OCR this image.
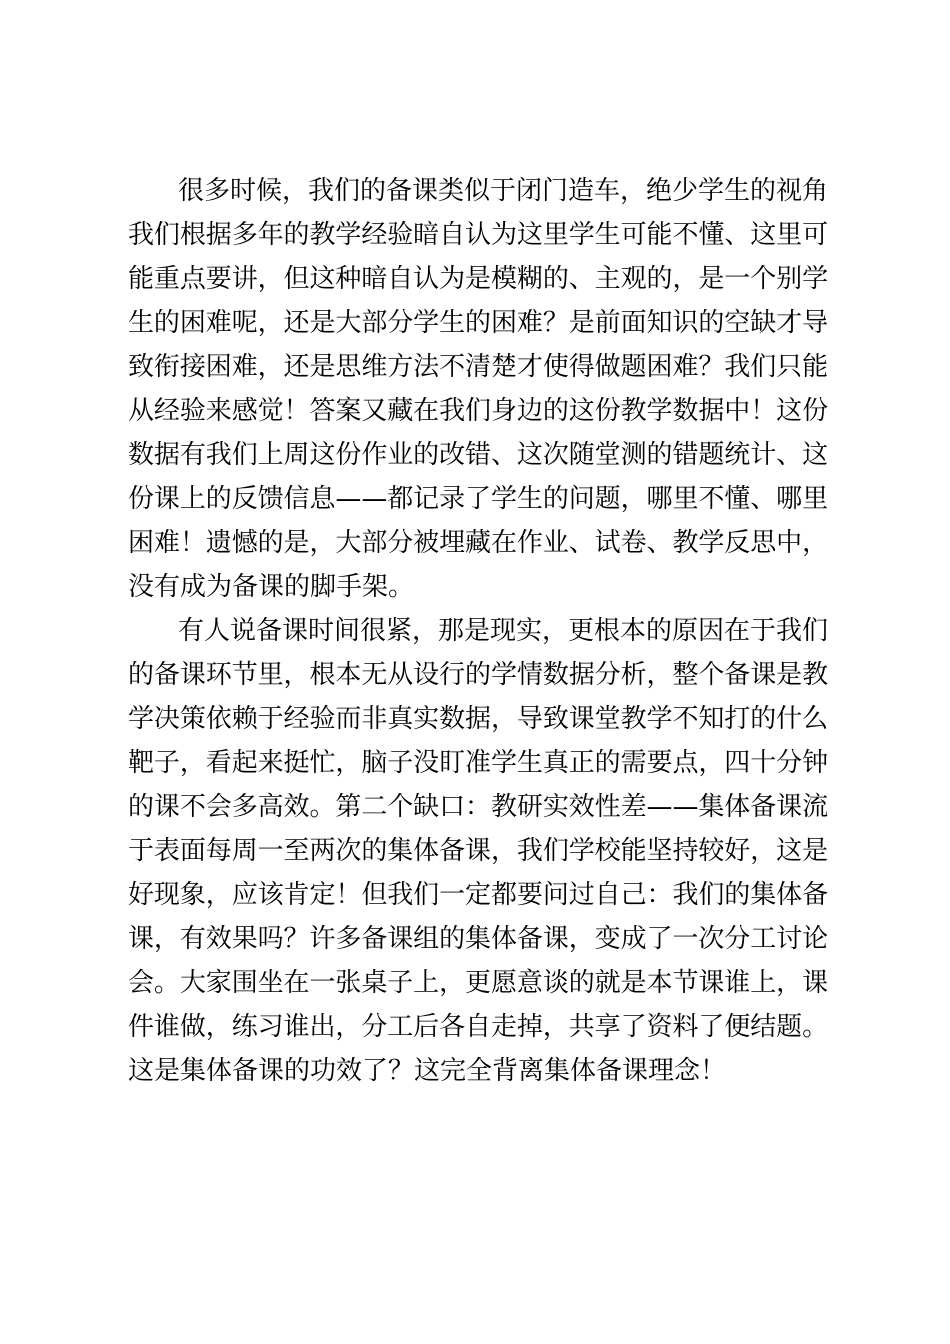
很多时候，我们的备课类似于闭门造车，绝少学生的视角
我们根据多年的教学经验暗自认为这里学生可能不懂、这里可
能重点要讲，但这种暗自认为是模糊的、主观的，是一个别学
生的困难呢，还是大部分学生的困难？是前面知识的空缺才导
致衔接困难，还是思维方法不清楚才使得做题困难？我们只能
从经验来感觉！答案又藏在我们身边的这份教学数据中！这份
数据有我们上周这份作业的改错、这次随堂测的错题统计、这
份课上的反馈信息——都记录了学生的问题，哪里不懂、哪里
困难！遗憾的是，大部分被埋藏在作业、试卷、教学反思中，
没有成为备课的脚手架。
有人说备课时间很紧，那是现实，更根本的原因在于我们
的备课环节里，根本无从设行的学情数据分析，整个备课是教
学决策依赖于经验而非真实数据，导致课堂教学不知打的什么
靶子，看起来挺忙，脑子没盯准学生真正的需要点，四十分钟
的课不会多高效。第二个缺口：教研实效性差——集体备课流
于表面每周一至两次的集体备课，我们学校能坚持较好，这是
好现象，应该肯定！但我们一定都要问过自己：我们的集体备
课，有效果吗？许多备课组的集体备课，变成了一次分工讨论
会。大家围坐在一张桌子上，更愿意谈的就是本节课谁上，课
件谁做，练习谁出，分工后各自走掉，共享了资料了便结题。
这是集体备课的功效了？这完全背离集体备课理念！
